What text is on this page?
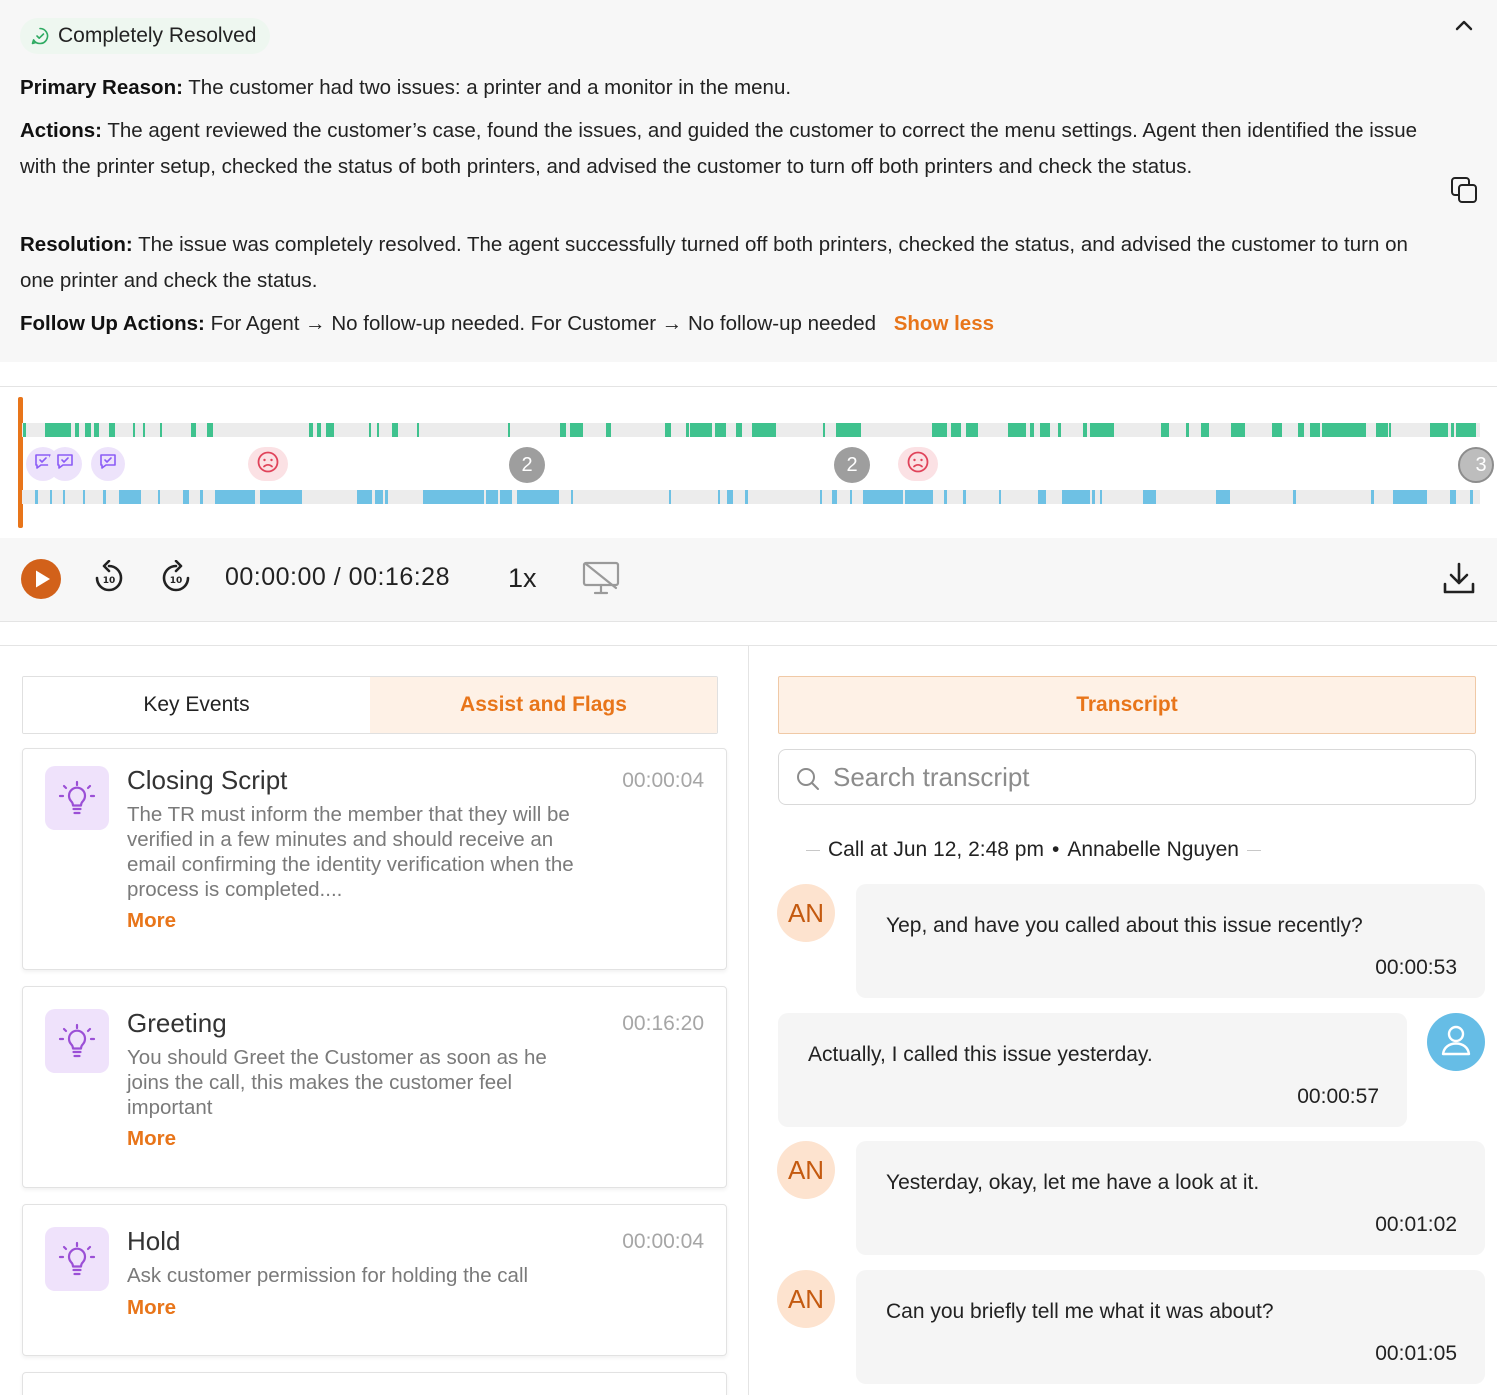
Completely Resolved

Primary Reason: The customer had two issues: a printer and a monitor in the menu.

Actions: The agent reviewed the customer’s case, found the issues, and guided the customer to correct the menu settings. Agent then identified the issue with the printer setup, checked the status of both printers, and advised the customer to turn off both printers and check the status.

Resolution: The issue was completely resolved. The agent successfully turned off both printers, checked the status, and advised the customer to turn on one printer and check the status.

Follow Up Actions: For Agent → No follow-up needed. For Customer → No follow-up needed Show less

2	2	3
10	10 00:00:00 / 00:16:28 1x
Key Events	Assist and Flags
Closing Script	00:00:04
The TR must inform the member that they will be verified in a few minutes and should receive an email confirming the identity verification when the process is completed....
More
Greeting	00:16:20
You should Greet the Customer as soon as he joins the call, this makes the customer feel important
More
Hold	00:00:04
Ask customer permission for holding the call
More
Transcript
Search transcript
Call at Jun 12, 2:48 pm • Annabelle Nguyen
AN	Yep, and have you called about this issue recently?
00:00:53
Actually, I called this issue yesterday.
00:00:57
AN	Yesterday, okay, let me have a look at it.
00:01:02
AN	Can you briefly tell me what it was about?
00:01:05
